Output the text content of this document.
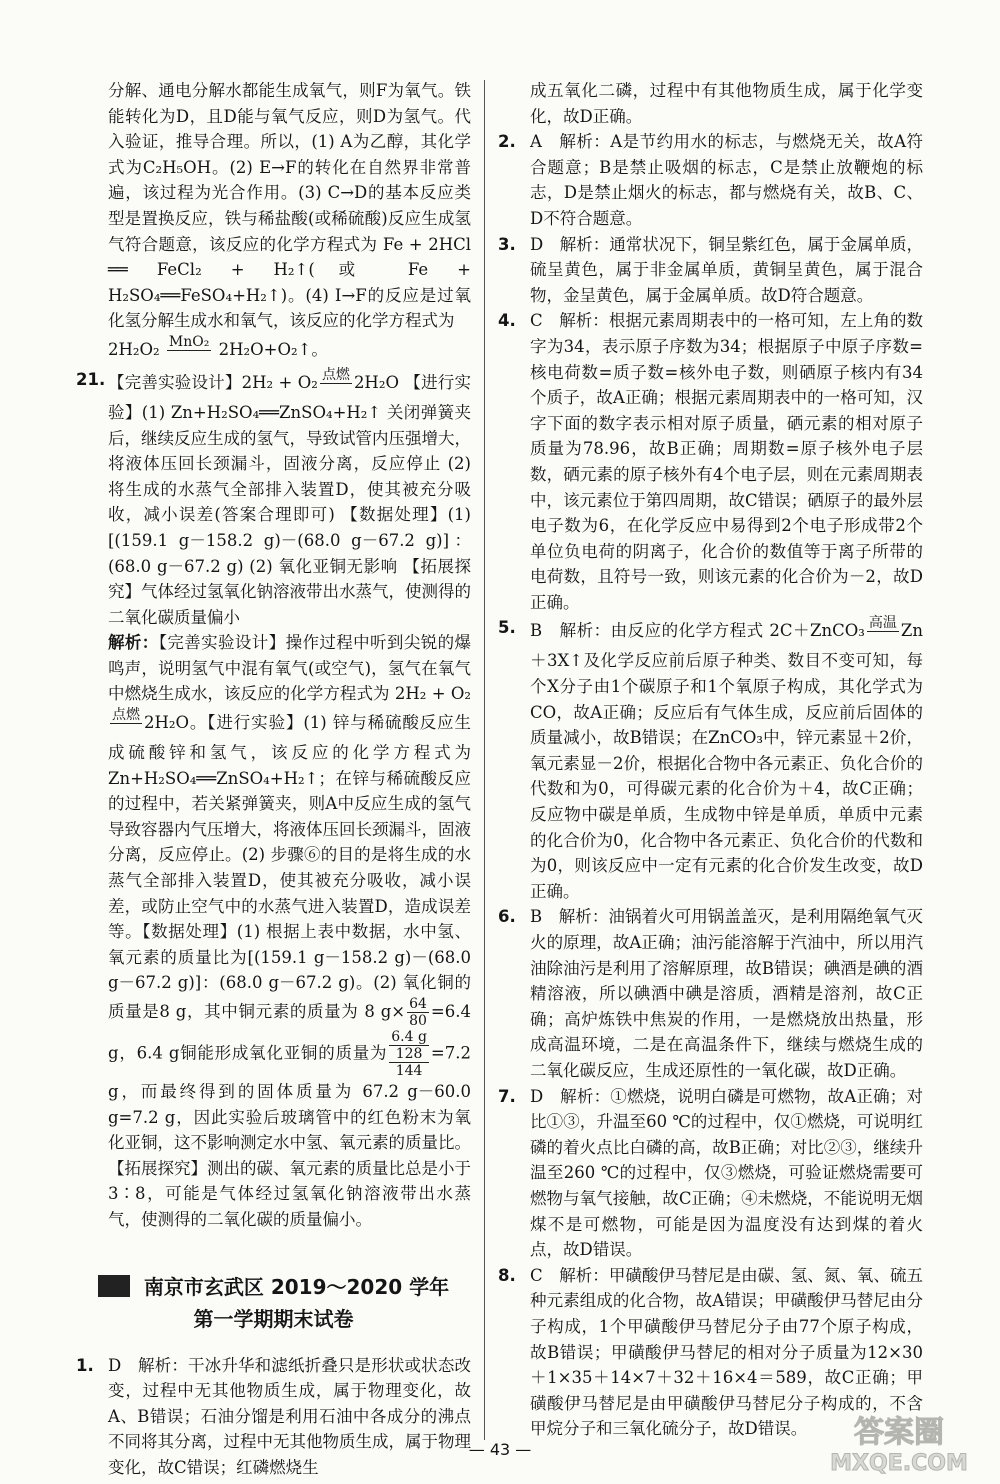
分解、通电分解水都能生成氧气，则F为氧气。铁能转化为D，且D能与氧气反应，则D为氢气。代入验证，推导合理。所以，(1) A为乙醇，其化学式为C₂H₅OH。(2) E→F的转化在自然界非常普遍，该过程为光合作用。(3) C→D的基本反应类型是置换反应，铁与稀盐酸(或稀硫酸)反应生成氢气符合题意，该反应的化学方程式为 Fe + 2HCl ══ FeCl₂ + H₂↑(或 Fe + H₂SO₄══FeSO₄+H₂↑)。(4) I→F的反应是过氧化氢分解生成水和氧气，该反应的化学方程式为
2H₂O₂ MnO₂
2H₂O+O₂↑。

21. 【完善实验设计】2H₂ + O₂ 点燃
2H₂O 【进行实验】(1) Zn+H₂SO₄══ZnSO₄+H₂↑ 关闭弹簧夹后，继续反应生成的氢气，导致试管内压强增大，将液体压回长颈漏斗，固液分离，反应停止 (2) 将生成的水蒸气全部排入装置D，使其被充分吸收，减小误差(答案合理即可) 【数据处理】(1) [(159.1 g－158.2 g)－(68.0 g－67.2 g)]：(68.0 g－67.2 g) (2) 氧化亚铜无影响 【拓展探究】气体经过氢氧化钠溶液带出水蒸气，使测得的二氧化碳质量偏小

解析：【完善实验设计】操作过程中听到尖锐的爆鸣声，说明氢气中混有氧气(或空气)，氢气在氧气中燃烧生成水，该反应的化学方程式为 2H₂ + O₂
点燃
2H₂O。【进行实验】(1) 锌与稀硫酸反应生成硫酸锌和氢气，该反应的化学方程式为 Zn+H₂SO₄══ZnSO₄+H₂↑；在锌与稀硫酸反应的过程中，若关紧弹簧夹，则A中反应生成的氢气导致容器内气压增大，将液体压回长颈漏斗，固液分离，反应停止。(2) 步骤⑥的目的是将生成的水蒸气全部排入装置D，使其被充分吸收，减小误差，或防止空气中的水蒸气进入装置D，造成误差等。【数据处理】(1) 根据上表中数据，水中氢、氧元素的质量比为[(159.1 g－158.2 g)－(68.0 g－67.2 g)]：(68.0 g－67.2 g)。(2) 氧化铜的质量是8 g，其中铜元素的质量为 8 $g\times \frac{64}{80} =6.4$ g，6.4 g铜能形成氧化亚铜的质量为
6.4 g
128
144
=7.2 g，而最终得到的固体质量为 67.2 g－60.0 g=7.2 g，因此实验后玻璃管中的红色粉末为氧化亚铜，这不影响测定水中氢、氧元素的质量比。【拓展探究】测出的碳、氧元素的质量比总是小于 3∶8，可能是气体经过氢氧化钠溶液带出水蒸气，使测得的二氧化碳的质量偏小。

南京市玄武区 2019～2020 学年
第一学期期末试卷

1. D　解析：干冰升华和滤纸折叠只是形状或状态改变，过程中无其他物质生成，属于物理变化，故A、B错误；石油分馏是利用石油中各成分的沸点不同将其分离，过程中无其他物质生成，属于物理变化，故C错误；红磷燃烧生

成五氧化二磷，过程中有其他物质生成，属于化学变化，故D正确。

2. A　解析：A是节约用水的标志，与燃烧无关，故A符合题意；B是禁止吸烟的标志，C是禁止放鞭炮的标志，D是禁止烟火的标志，都与燃烧有关，故B、C、D不符合题意。

3. D　解析：通常状况下，铜呈紫红色，属于金属单质，硫呈黄色，属于非金属单质，黄铜呈黄色，属于混合物，金呈黄色，属于金属单质。故D符合题意。

4. C　解析：根据元素周期表中的一格可知，左上角的数字为34，表示原子序数为34；根据原子中原子序数=核电荷数=质子数=核外电子数，则硒原子核内有34个质子，故A正确；根据元素周期表中的一格可知，汉字下面的数字表示相对原子质量，硒元素的相对原子质量为78.96，故B正确；周期数=原子核外电子层数，硒元素的原子核外有4个电子层，则在元素周期表中，该元素位于第四周期，故C错误；硒原子的最外层电子数为6，在化学反应中易得到2个电子形成带2个单位负电荷的阴离子，化合价的数值等于离子所带的电荷数，且符号一致，则该元素的化合价为－2，故D正确。

5. B　解析：由反应的化学方程式 2C＋ZnCO₃ 高温
Zn＋3X↑及化学反应前后原子种类、数目不变可知，每个X分子由1个碳原子和1个氧原子构成，其化学式为CO，故A正确；反应后有气体生成，反应前后固体的质量减小，故B错误；在ZnCO₃中，锌元素显＋2价，氧元素显－2价，根据化合物中各元素正、负化合价的代数和为0，可得碳元素的化合价为＋4，故C正确；反应物中碳是单质，生成物中锌是单质，单质中元素的化合价为0，化合物中各元素正、负化合价的代数和为0，则该反应中一定有元素的化合价发生改变，故D正确。

6. B　解析：油锅着火可用锅盖盖灭，是利用隔绝氧气灭火的原理，故A正确；油污能溶解于汽油中，所以用汽油除油污是利用了溶解原理，故B错误；碘酒是碘的酒精溶液，所以碘酒中碘是溶质，酒精是溶剂，故C正确；高炉炼铁中焦炭的作用，一是燃烧放出热量，形成高温环境，二是在高温条件下，继续与燃烧生成的二氧化碳反应，生成还原性的一氧化碳，故D正确。

7. D　解析：①燃烧，说明白磷是可燃物，故A正确；对比①③，升温至60 ℃的过程中，仅①燃烧，可说明红磷的着火点比白磷的高，故B正确；对比②③，继续升温至260 ℃的过程中，仅③燃烧，可验证燃烧需要可燃物与氧气接触，故C正确；④未燃烧，不能说明无烟煤不是可燃物，可能是因为温度没有达到煤的着火点，故D错误。

8. C　解析：甲磺酸伊马替尼是由碳、氢、氮、氧、硫五种元素组成的化合物，故A错误；甲磺酸伊马替尼由分子构成，1个甲磺酸伊马替尼分子由77个原子构成，故B错误；甲磺酸伊马替尼的相对分子质量为12×30＋1×35＋14×7＋32＋16×4＝589，故C正确；甲磺酸伊马替尼是由甲磺酸伊马替尼分子构成的，不含甲烷分子和三氧化硫分子，故D错误。

— 43 —	答案圈
MXQE.COM
